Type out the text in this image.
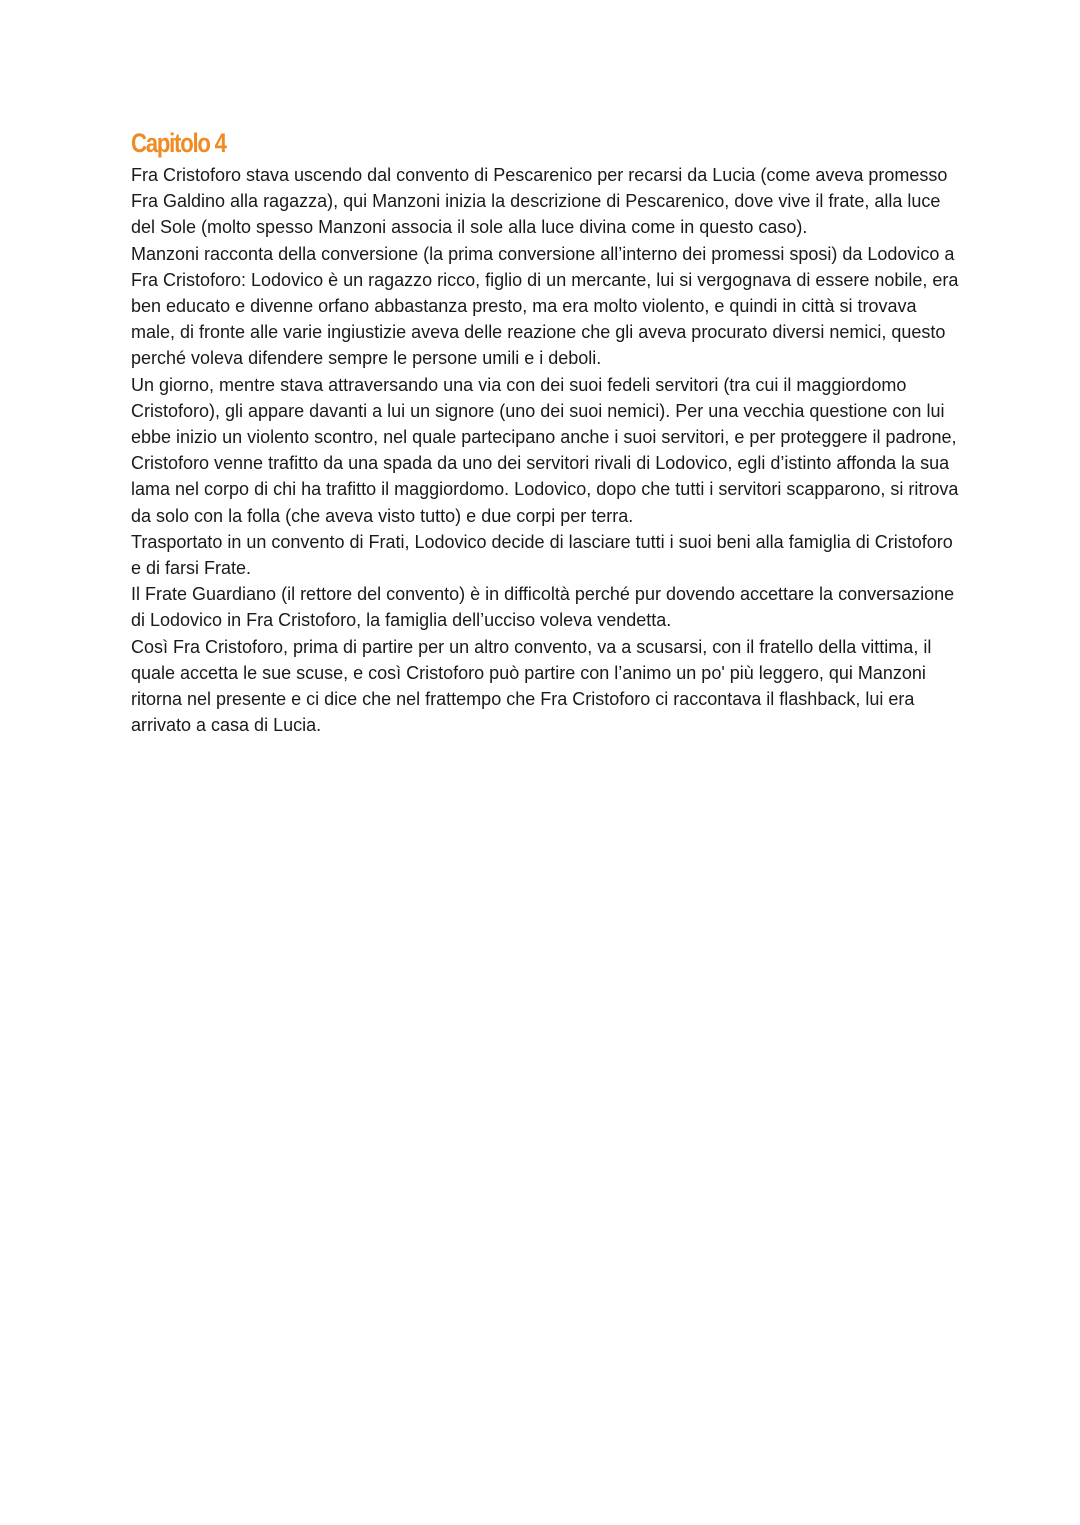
Capitolo 4

Fra Cristoforo stava uscendo dal convento di Pescarenico per recarsi da Lucia (come aveva promesso Fra Galdino alla ragazza), qui Manzoni inizia la descrizione di Pescarenico, dove vive il frate, alla luce del Sole (molto spesso Manzoni associa il sole alla luce divina come in questo caso).

Manzoni racconta della conversione (la prima conversione all’interno dei promessi sposi) da Lodovico a Fra Cristoforo: Lodovico è un ragazzo ricco, figlio di un mercante, lui si vergognava di essere nobile, era ben educato e divenne orfano abbastanza presto, ma era molto violento, e quindi in città si trovava male, di fronte alle varie ingiustizie aveva delle reazione che gli aveva procurato diversi nemici, questo perché voleva difendere sempre le persone umili e i deboli.

Un giorno, mentre stava attraversando una via con dei suoi fedeli servitori (tra cui il maggiordomo Cristoforo), gli appare davanti a lui un signore (uno dei suoi nemici). Per una vecchia questione con lui ebbe inizio un violento scontro, nel quale partecipano anche i suoi servitori, e per proteggere il padrone, Cristoforo venne trafitto da una spada da uno dei servitori rivali di Lodovico, egli d’istinto affonda la sua lama nel corpo di chi ha trafitto il maggiordomo. Lodovico, dopo che tutti i servitori scapparono, si ritrova da solo con la folla (che aveva visto tutto) e due corpi per terra.

Trasportato in un convento di Frati, Lodovico decide di lasciare tutti i suoi beni alla famiglia di Cristoforo e di farsi Frate.

Il Frate Guardiano (il rettore del convento) è in difficoltà perché pur dovendo accettare la conversazione di Lodovico in Fra Cristoforo, la famiglia dell’ucciso voleva vendetta.

Così Fra Cristoforo, prima di partire per un altro convento, va a scusarsi, con il fratello della vittima, il quale accetta le sue scuse, e così Cristoforo può partire con l’animo un po' più leggero, qui Manzoni ritorna nel presente e ci dice che nel frattempo che Fra Cristoforo ci raccontava il flashback, lui era arrivato a casa di Lucia.
